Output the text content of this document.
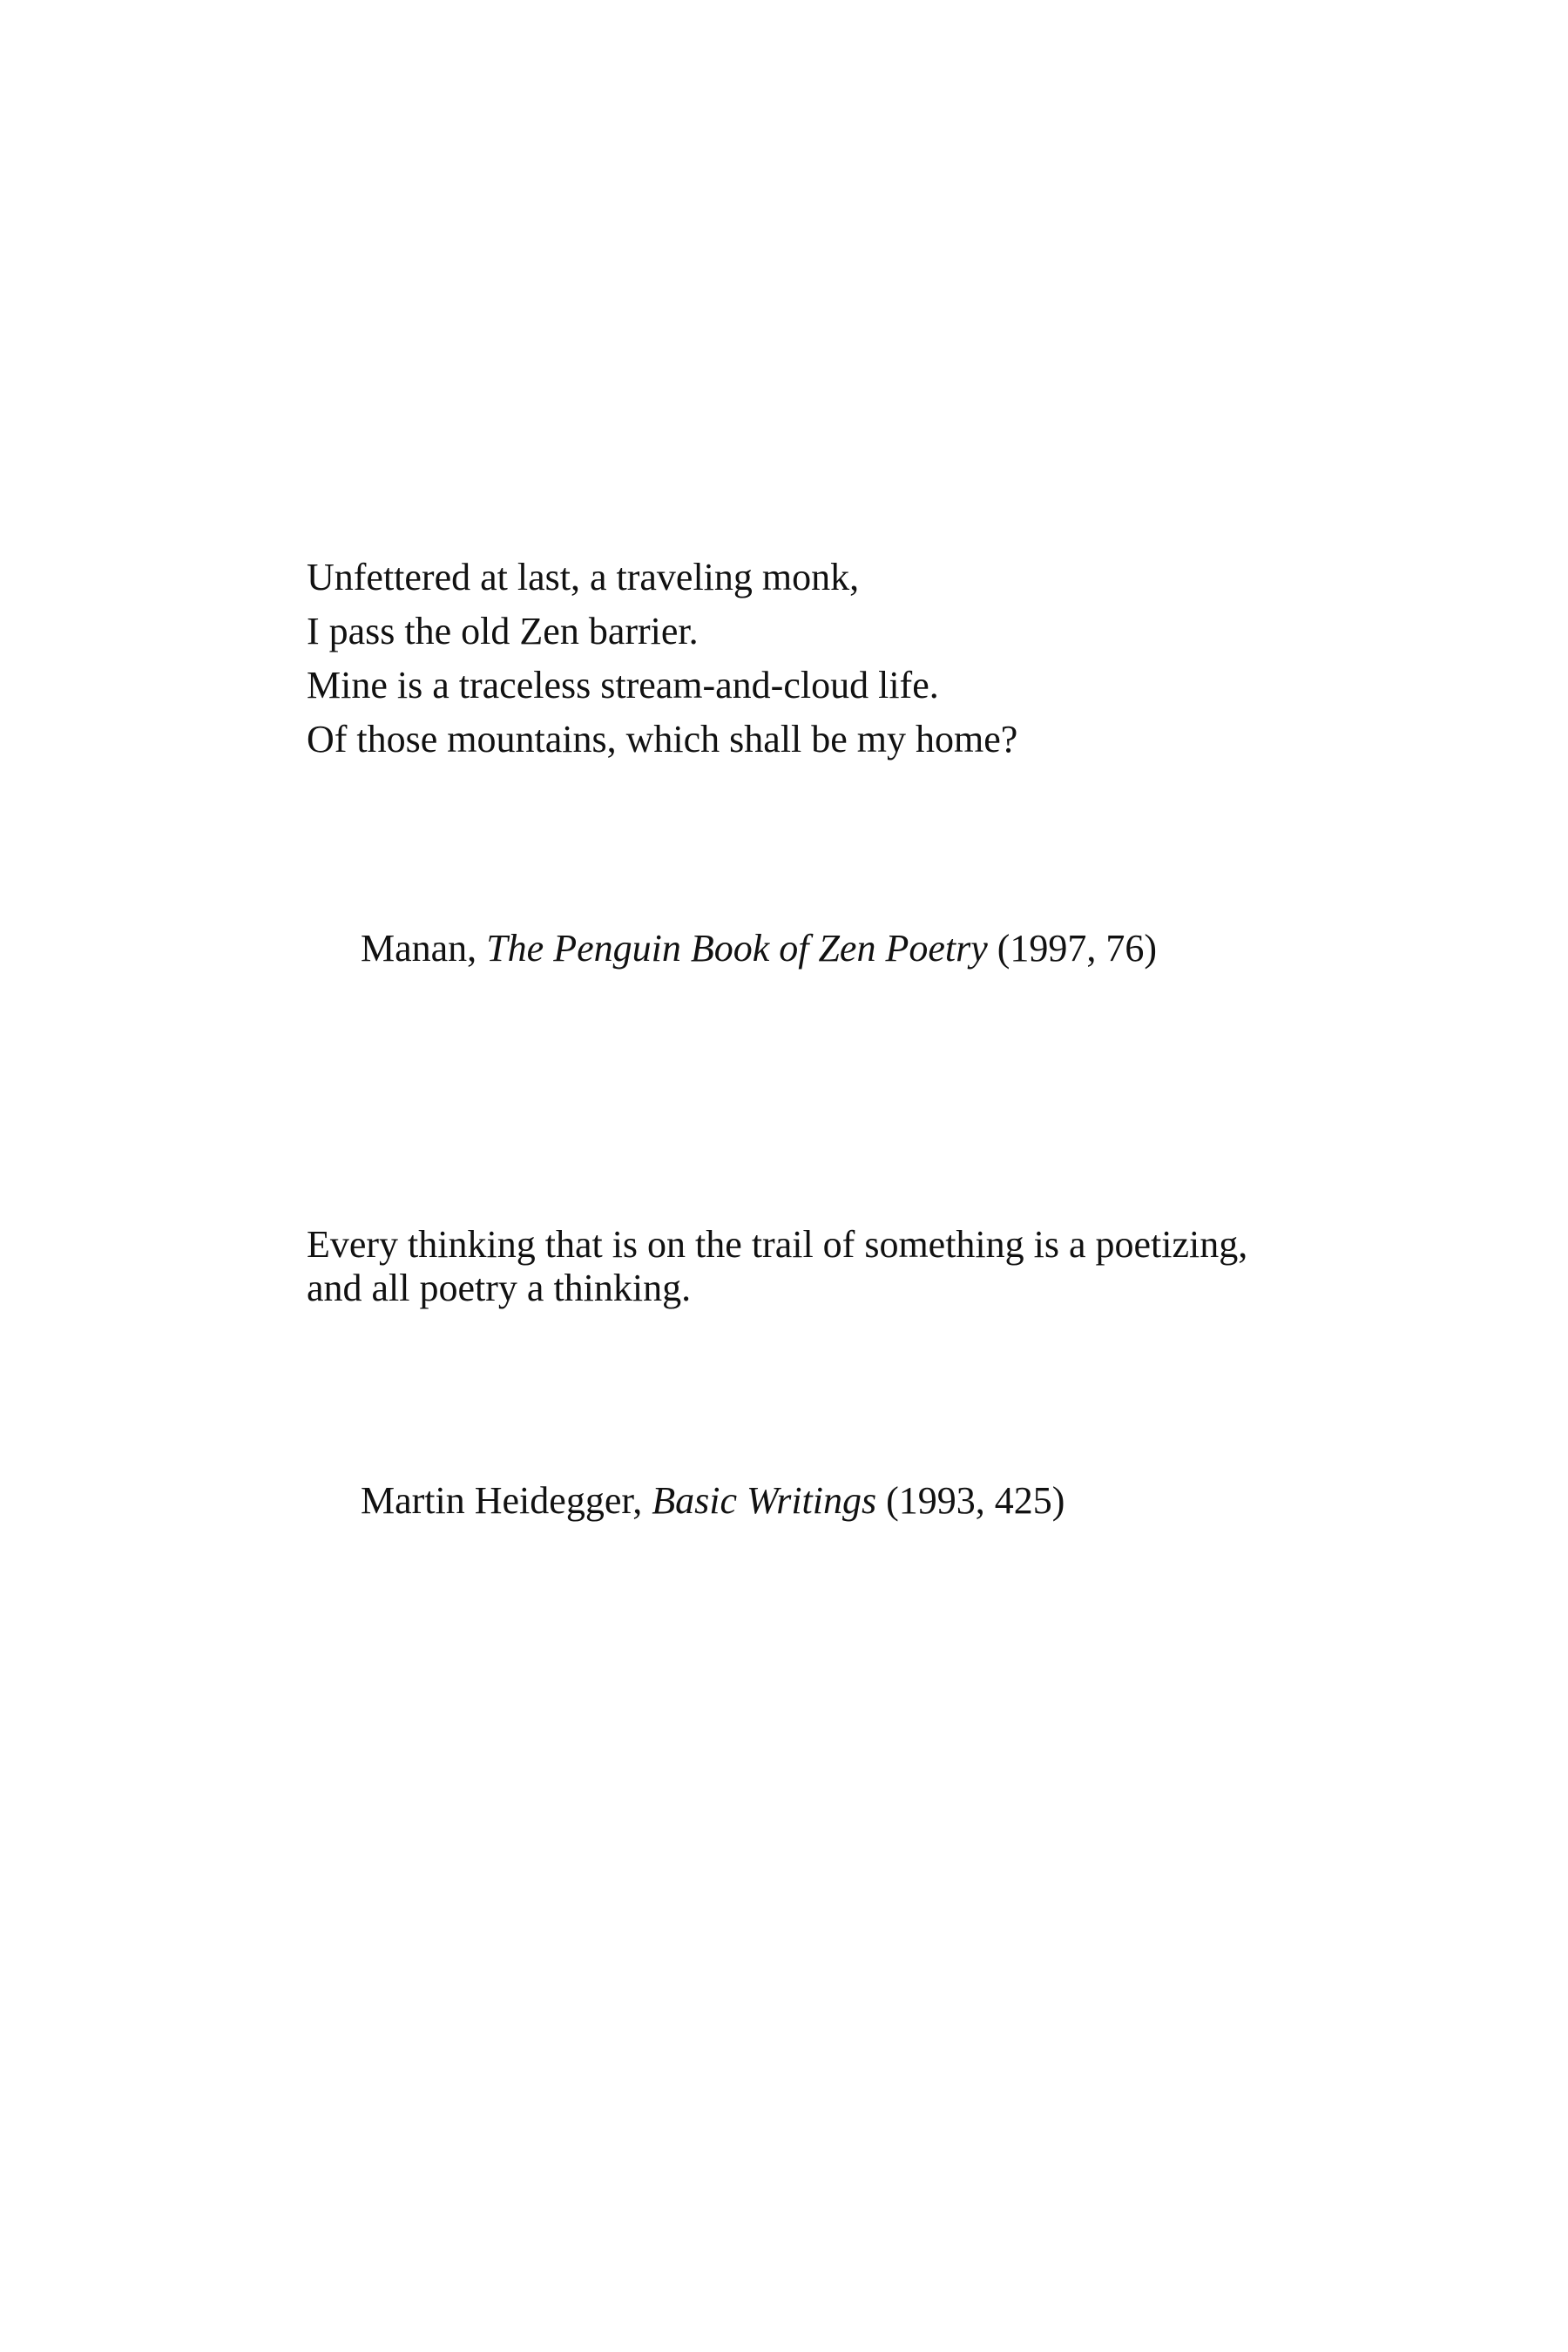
Unfettered at last, a traveling monk,
I pass the old Zen barrier.
Mine is a traceless stream-and-cloud life.
Of those mountains, which shall be my home?
Manan, The Penguin Book of Zen Poetry (1997, 76)
Every thinking that is on the trail of something is a poetizing, and all poetry a thinking.
Martin Heidegger, Basic Writings (1993, 425)
